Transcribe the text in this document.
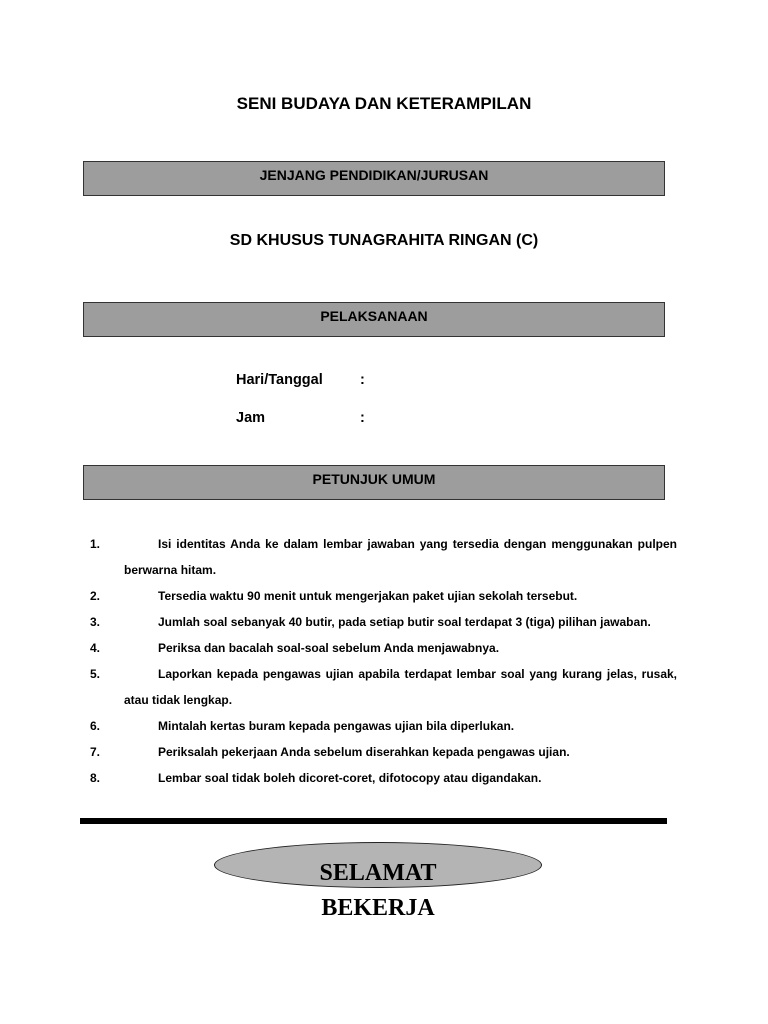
SENI BUDAYA DAN KETERAMPILAN
JENJANG PENDIDIKAN/JURUSAN
SD KHUSUS TUNAGRAHITA RINGAN (C)
PELAKSANAAN
Hari/Tanggal	:
Jam	:
PETUNJUK UMUM
1.	Isi identitas Anda ke dalam lembar jawaban yang tersedia dengan menggunakan pulpen berwarna hitam.
2.	Tersedia waktu 90 menit untuk mengerjakan paket ujian sekolah tersebut.
3.	Jumlah soal sebanyak 40 butir, pada setiap butir soal terdapat 3 (tiga) pilihan jawaban.
4.	Periksa dan bacalah soal-soal sebelum Anda menjawabnya.
5.	Laporkan kepada pengawas ujian apabila terdapat lembar soal yang kurang jelas, rusak, atau tidak lengkap.
6.	Mintalah kertas buram kepada pengawas ujian bila diperlukan.
7.	Periksalah pekerjaan Anda sebelum diserahkan kepada pengawas ujian.
8.	Lembar soal tidak boleh dicoret-coret, difotocopy atau digandakan.
SELAMAT
BEKERJA
